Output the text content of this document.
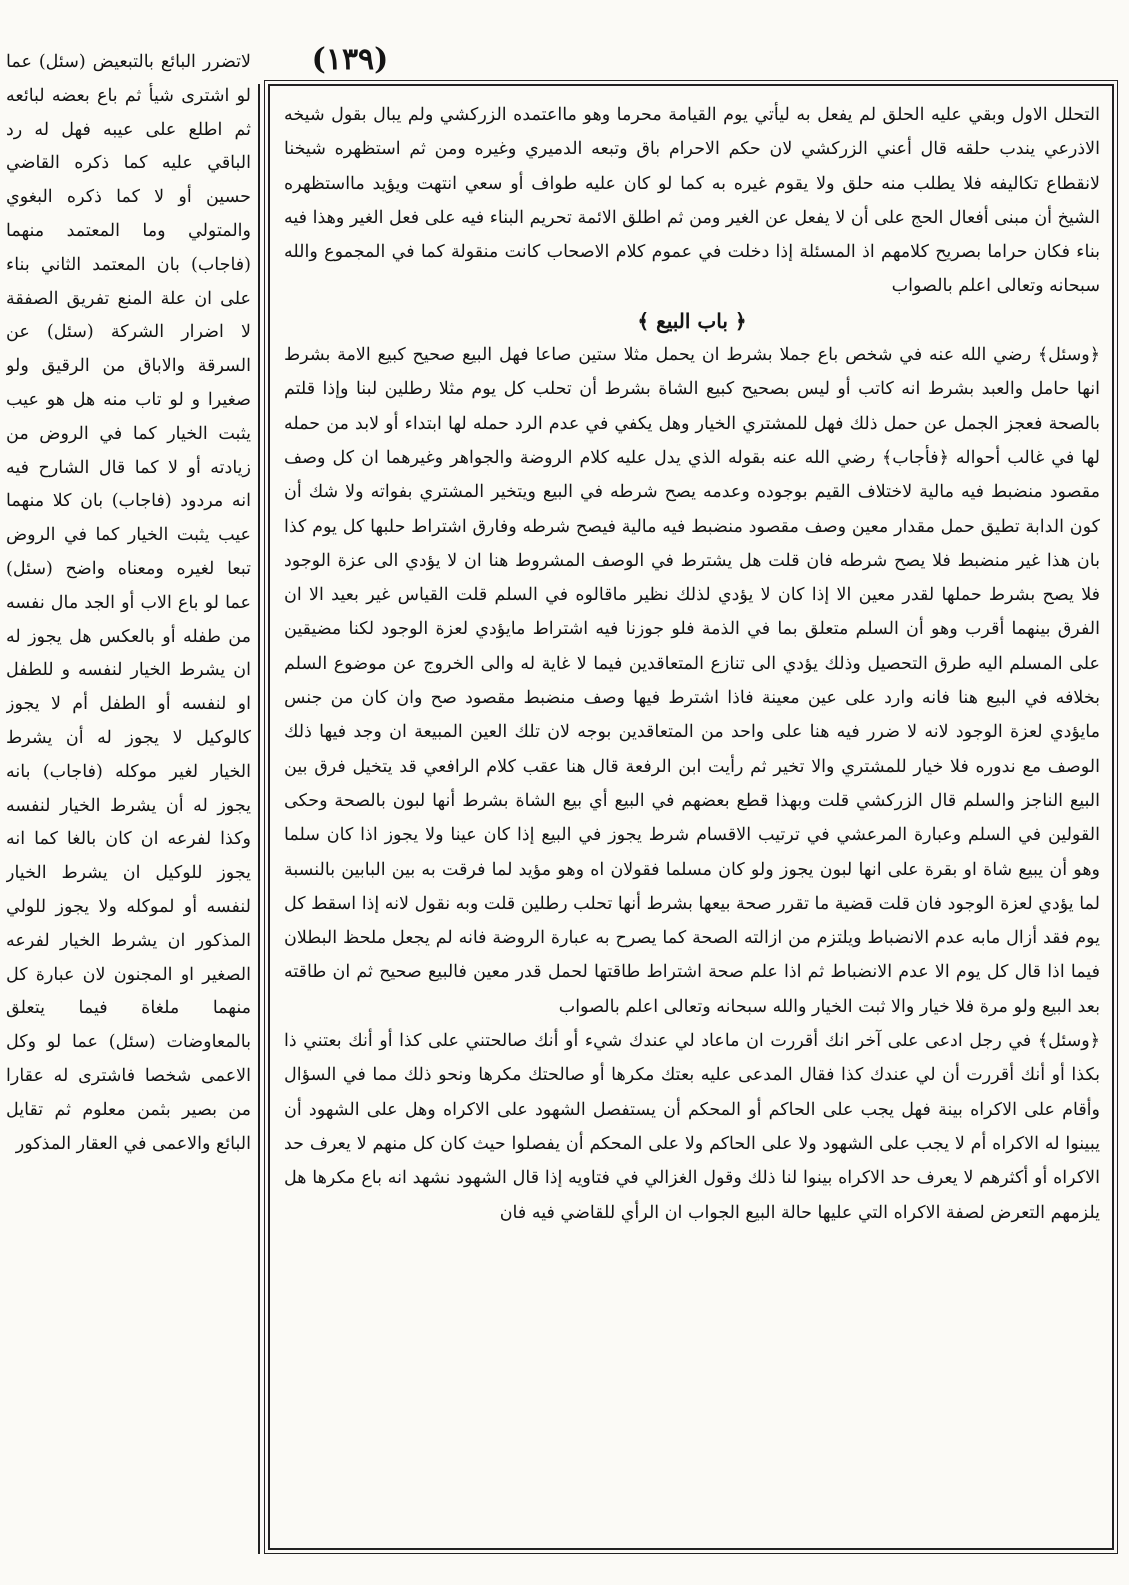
(١٣٩)

التحلل الاول وبقي عليه الحلق لم يفعل به ليأتي يوم القيامة محرما وهو مااعتمده الزركشي ولم يبال بقول شيخه الاذرعي يندب حلقه قال أعني الزركشي لان حكم الاحرام باق وتبعه الدميري وغيره ومن ثم استظهره شيخنا لانقطاع تكاليفه فلا يطلب منه حلق ولا يقوم غيره به كما لو كان عليه طواف أو سعي انتهت ويؤيد مااستظهره الشيخ أن مبنى أفعال الحج على أن لا يفعل عن الغير ومن ثم اطلق الائمة تحريم البناء فيه على فعل الغير وهذا فيه بناء فكان حراما بصريح كلامهم اذ المسئلة إذا دخلت في عموم كلام الاصحاب كانت منقولة كما في المجموع والله سبحانه وتعالى اعلم بالصواب

﴿ باب البيع ﴾

﴿وسئل﴾ رضي الله عنه في شخص باع جملا بشرط ان يحمل مثلا ستين صاعا فهل البيع صحيح كبيع الامة بشرط انها حامل والعبد بشرط انه كاتب أو ليس بصحيح كبيع الشاة بشرط أن تحلب كل يوم مثلا رطلين لبنا وإذا قلتم بالصحة فعجز الجمل عن حمل ذلك فهل للمشتري الخيار وهل يكفي في عدم الرد حمله لها ابتداء أو لابد من حمله لها في غالب أحواله ﴿فأجاب﴾ رضي الله عنه بقوله الذي يدل عليه كلام الروضة والجواهر وغيرهما ان كل وصف مقصود منضبط فيه مالية لاختلاف القيم بوجوده وعدمه يصح شرطه في البيع ويتخير المشتري بفواته ولا شك أن كون الدابة تطيق حمل مقدار معين وصف مقصود منضبط فيه مالية فيصح شرطه وفارق اشتراط حلبها كل يوم كذا بان هذا غير منضبط فلا يصح شرطه فان قلت هل يشترط في الوصف المشروط هنا ان لا يؤدي الى عزة الوجود فلا يصح بشرط حملها لقدر معين الا إذا كان لا يؤدي لذلك نظير ماقالوه في السلم قلت القياس غير بعيد الا ان الفرق بينهما أقرب وهو أن السلم متعلق بما في الذمة فلو جوزنا فيه اشتراط مايؤدي لعزة الوجود لكنا مضيقين على المسلم اليه طرق التحصيل وذلك يؤدي الى تنازع المتعاقدين فيما لا غاية له والى الخروج عن موضوع السلم بخلافه في البيع هنا فانه وارد على عين معينة فاذا اشترط فيها وصف منضبط مقصود صح وان كان من جنس مايؤدي لعزة الوجود لانه لا ضرر فيه هنا على واحد من المتعاقدين بوجه لان تلك العين المبيعة ان وجد فيها ذلك الوصف مع ندوره فلا خيار للمشتري والا تخير ثم رأيت ابن الرفعة قال هنا عقب كلام الرافعي قد يتخيل فرق بين البيع الناجز والسلم قال الزركشي قلت وبهذا قطع بعضهم في البيع أي بيع الشاة بشرط أنها لبون بالصحة وحكى القولين في السلم وعبارة المرعشي في ترتيب الاقسام شرط يجوز في البيع إذا كان عينا ولا يجوز اذا كان سلما وهو أن يبيع شاة او بقرة على انها لبون يجوز ولو كان مسلما فقولان اه وهو مؤيد لما فرقت به بين البابين بالنسبة لما يؤدي لعزة الوجود فان قلت قضية ما تقرر صحة بيعها بشرط أنها تحلب رطلين قلت وبه نقول لانه إذا اسقط كل يوم فقد أزال مابه عدم الانضباط ويلتزم من ازالته الصحة كما يصرح به عبارة الروضة فانه لم يجعل ملحظ البطلان فيما اذا قال كل يوم الا عدم الانضباط ثم اذا علم صحة اشتراط طاقتها لحمل قدر معين فالبيع صحيح ثم ان طاقته بعد البيع ولو مرة فلا خيار والا ثبت الخيار والله سبحانه وتعالى اعلم بالصواب

﴿وسئل﴾ في رجل ادعى على آخر انك أقررت ان ماعاد لي عندك شيء أو أنك صالحتني على كذا أو أنك بعتني ذا بكذا أو أنك أقررت أن لي عندك كذا فقال المدعى عليه بعتك مكرها أو صالحتك مكرها ونحو ذلك مما في السؤال وأقام على الاكراه بينة فهل يجب على الحاكم أو المحكم أن يستفصل الشهود على الاكراه وهل على الشهود أن يبينوا له الاكراه أم لا يجب على الشهود ولا على الحاكم ولا على المحكم أن يفصلوا حيث كان كل منهم لا يعرف حد الاكراه أو أكثرهم لا يعرف حد الاكراه بينوا لنا ذلك وقول الغزالي في فتاويه إذا قال الشهود نشهد انه باع مكرها هل يلزمهم التعرض لصفة الاكراه التي عليها حالة البيع الجواب ان الرأي للقاضي فيه فان

لاتضرر البائع بالتبعيض (سئل) عما لو اشترى شيأ ثم باع بعضه لبائعه ثم اطلع على عيبه فهل له رد الباقي عليه كما ذكره القاضي حسين أو لا كما ذكره البغوي والمتولي وما المعتمد منهما (فاجاب) بان المعتمد الثاني بناء على ان علة المنع تفريق الصفقة لا اضرار الشركة (سئل) عن السرقة والاباق من الرقيق ولو صغيرا و لو تاب منه هل هو عيب يثبت الخيار كما في الروض من زيادته أو لا كما قال الشارح فيه انه مردود (فاجاب) بان كلا منهما عيب يثبت الخيار كما في الروض تبعا لغيره ومعناه واضح (سئل) عما لو باع الاب أو الجد مال نفسه من طفله أو بالعكس هل يجوز له ان يشرط الخيار لنفسه و للطفل او لنفسه أو الطفل أم لا يجوز كالوكيل لا يجوز له أن يشرط الخيار لغير موكله (فاجاب) بانه يجوز له أن يشرط الخيار لنفسه وكذا لفرعه ان كان بالغا كما انه يجوز للوكيل ان يشرط الخيار لنفسه أو لموكله ولا يجوز للولي المذكور ان يشرط الخيار لفرعه الصغير او المجنون لان عبارة كل منهما ملغاة فيما يتعلق بالمعاوضات (سئل) عما لو وكل الاعمى شخصا فاشترى له عقارا من بصير بثمن معلوم ثم تقايل البائع والاعمى في العقار المذكور
